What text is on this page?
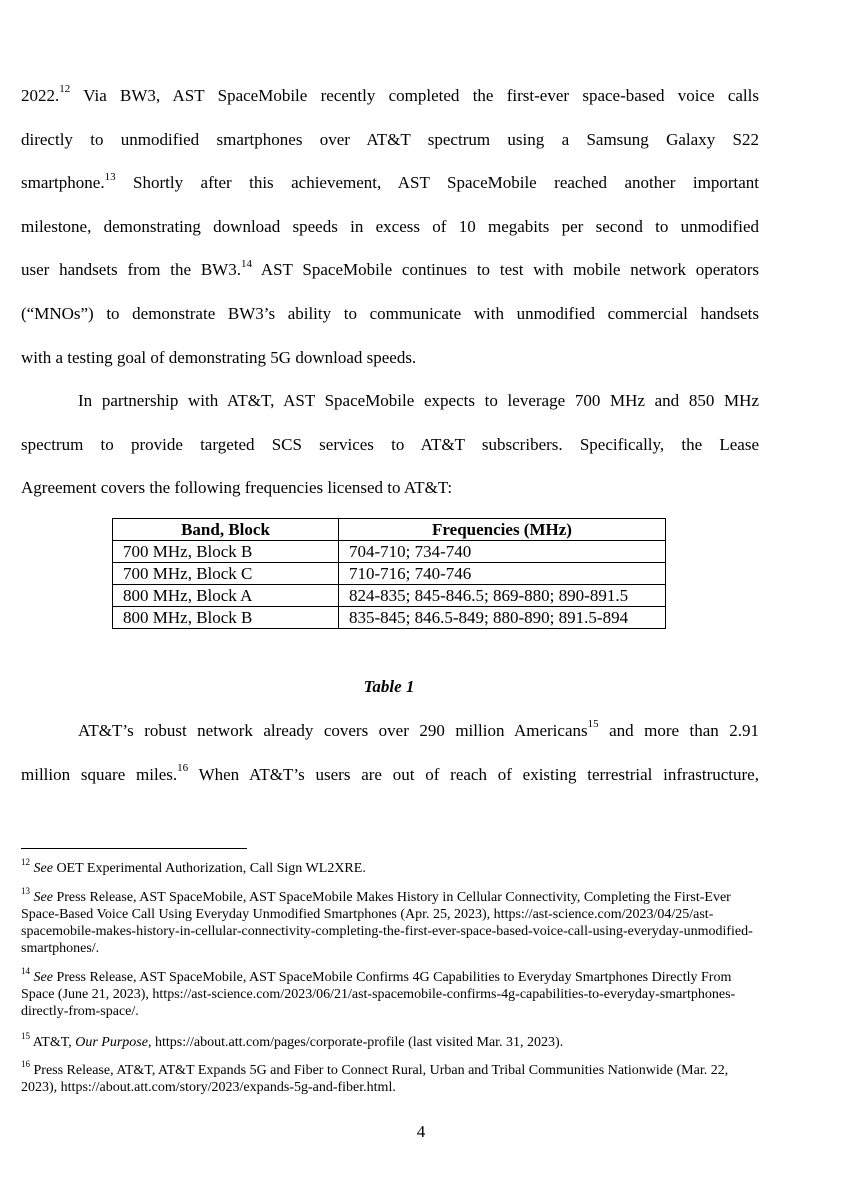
2022.12 Via BW3, AST SpaceMobile recently completed the first-ever space-based voice calls
directly to unmodified smartphones over AT&T spectrum using a Samsung Galaxy S22
smartphone.$^{13}$ Shortly after this achievement, AST SpaceMobile reached another important
milestone, demonstrating download speeds in excess of 10 megabits per second to unmodified
user handsets from the BW3.14 AST SpaceMobile continues to test with mobile network operators
(“MNOs”) to demonstrate BW3’s ability to communicate with unmodified commercial handsets
with a testing goal of demonstrating 5G download speeds.
In partnership with AT&T, AST SpaceMobile expects to leverage 700 MHz and 850 MHz
spectrum to provide targeted SCS services to AT&T subscribers. Specifically, the Lease
Agreement covers the following frequencies licensed to AT&T:
Band, Block	Frequencies (MHz)
700 MHz, Block B	704-710; 734-740
700 MHz, Block C	710-716; 740-746
800 MHz, Block A	824-835; 845-846.5; 869-880; 890-891.5
800 MHz, Block B	835-845; 846.5-849; 880-890; 891.5-894
Table 1
AT&T’s robust network already covers over 290 million Americans$^{15}$ and more than 2.91
million square miles.$^{16}$ When AT&T’s users are out of reach of existing terrestrial infrastructure,
$^{12}$ See OET Experimental Authorization, Call Sign WL2XRE.
$^{13}$ See Press Release, AST SpaceMobile, AST SpaceMobile Makes History in Cellular Connectivity, Completing the First-Ever Space-Based Voice Call Using Everyday Unmodified Smartphones (Apr. 25, 2023), https://ast-science.com/2023/04/25/ast-spacemobile-makes-history-in-cellular-connectivity-completing-the-first-ever-space-based-voice-call-using-everyday-unmodified-smartphones/.
$^{14}$ See Press Release, AST SpaceMobile, AST SpaceMobile Confirms 4G Capabilities to Everyday Smartphones Directly From Space (June 21, 2023), https://ast-science.com/2023/06/21/ast-spacemobile-confirms-4g-capabilities-to-everyday-smartphones-directly-from-space/.
$^{15}$ AT&T, Our Purpose, https://about.att.com/pages/corporate-profile (last visited Mar. 31, 2023).
$^{16}$ Press Release, AT&T, AT&T Expands 5G and Fiber to Connect Rural, Urban and Tribal Communities Nationwide (Mar. 22, 2023), https://about.att.com/story/2023/expands-5g-and-fiber.html.
4
